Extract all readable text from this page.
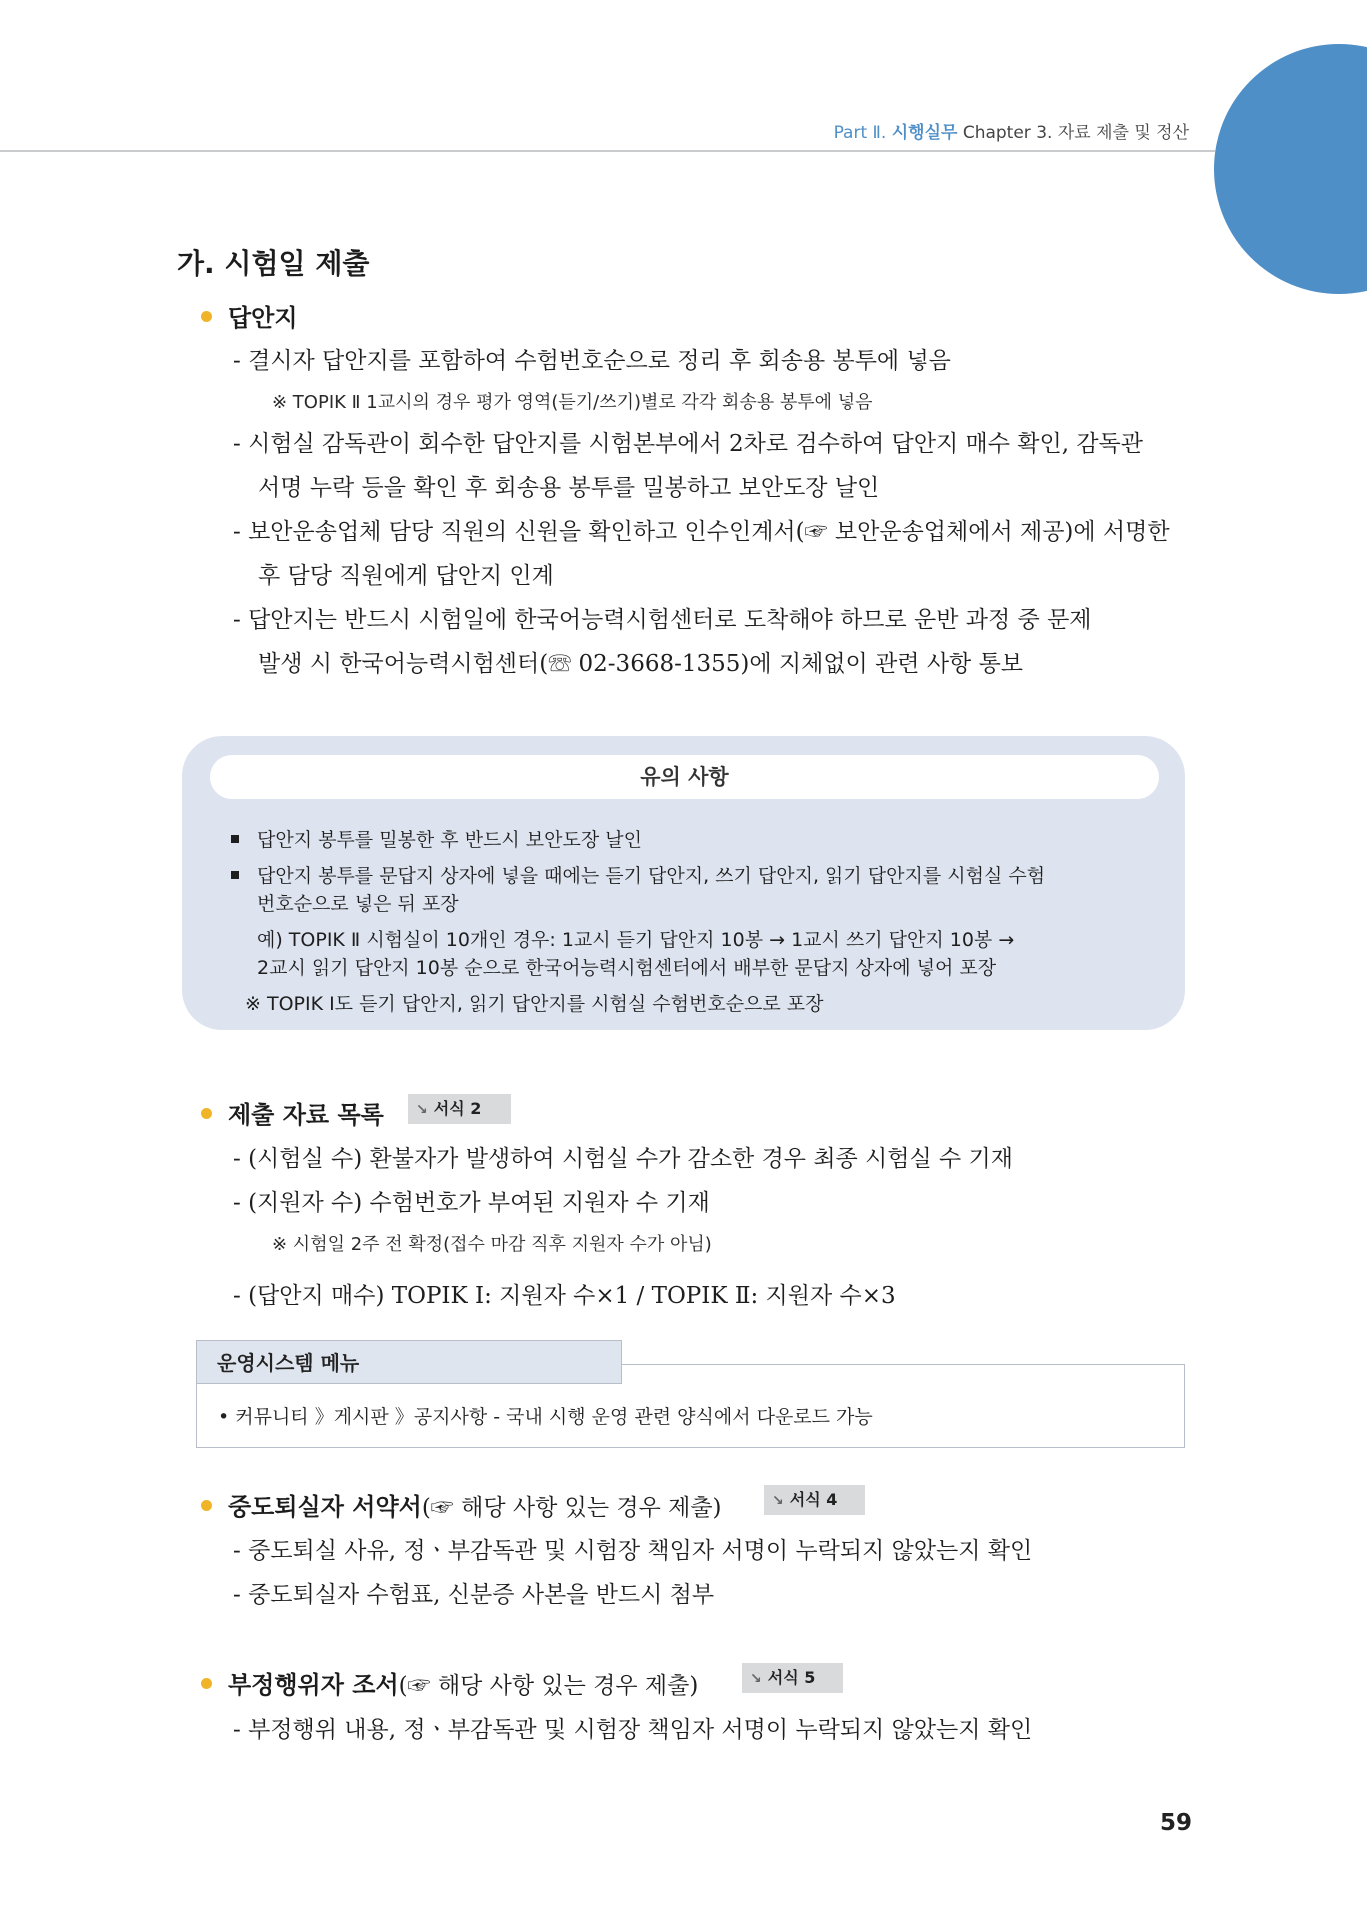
Part Ⅱ. 시행실무 Chapter 3. 자료 제출 및 정산
가. 시험일 제출
답안지
- 결시자 답안지를 포함하여 수험번호순으로 정리 후 회송용 봉투에 넣음
※ TOPIK Ⅱ 1교시의 경우 평가 영역(듣기/쓰기)별로 각각 회송용 봉투에 넣음
- 시험실 감독관이 회수한 답안지를 시험본부에서 2차로 검수하여 답안지 매수 확인, 감독관
서명 누락 등을 확인 후 회송용 봉투를 밀봉하고 보안도장 날인
- 보안운송업체 담당 직원의 신원을 확인하고 인수인계서(☞ 보안운송업체에서 제공)에 서명한
후 담당 직원에게 답안지 인계
- 답안지는 반드시 시험일에 한국어능력시험센터로 도착해야 하므로 운반 과정 중 문제
발생 시 한국어능력시험센터(☏ 02-3668-1355)에 지체없이 관련 사항 통보
유의 사항
답안지 봉투를 밀봉한 후 반드시 보안도장 날인
답안지 봉투를 문답지 상자에 넣을 때에는 듣기 답안지, 쓰기 답안지, 읽기 답안지를 시험실 수험
번호순으로 넣은 뒤 포장
예) TOPIK Ⅱ 시험실이 10개인 경우: 1교시 듣기 답안지 10봉 → 1교시 쓰기 답안지 10봉 →
2교시 읽기 답안지 10봉 순으로 한국어능력시험센터에서 배부한 문답지 상자에 넣어 포장
※ TOPIK Ⅰ도 듣기 답안지, 읽기 답안지를 시험실 수험번호순으로 포장
제출 자료 목록	↘ 서식 2
- (시험실 수) 환불자가 발생하여 시험실 수가 감소한 경우 최종 시험실 수 기재
- (지원자 수) 수험번호가 부여된 지원자 수 기재
※ 시험일 2주 전 확정(접수 마감 직후 지원자 수가 아님)
- (답안지 매수) TOPIK Ⅰ: 지원자 수×1 / TOPIK Ⅱ: 지원자 수×3
운영시스템 메뉴
• 커뮤니티 》게시판 》공지사항 - 국내 시행 운영 관련 양식에서 다운로드 가능
중도퇴실자 서약서(☞ 해당 사항 있는 경우 제출)	↘ 서식 4
- 중도퇴실 사유, 정ㆍ부감독관 및 시험장 책임자 서명이 누락되지 않았는지 확인
- 중도퇴실자 수험표, 신분증 사본을 반드시 첨부
부정행위자 조서(☞ 해당 사항 있는 경우 제출)	↘ 서식 5
- 부정행위 내용, 정ㆍ부감독관 및 시험장 책임자 서명이 누락되지 않았는지 확인
59
